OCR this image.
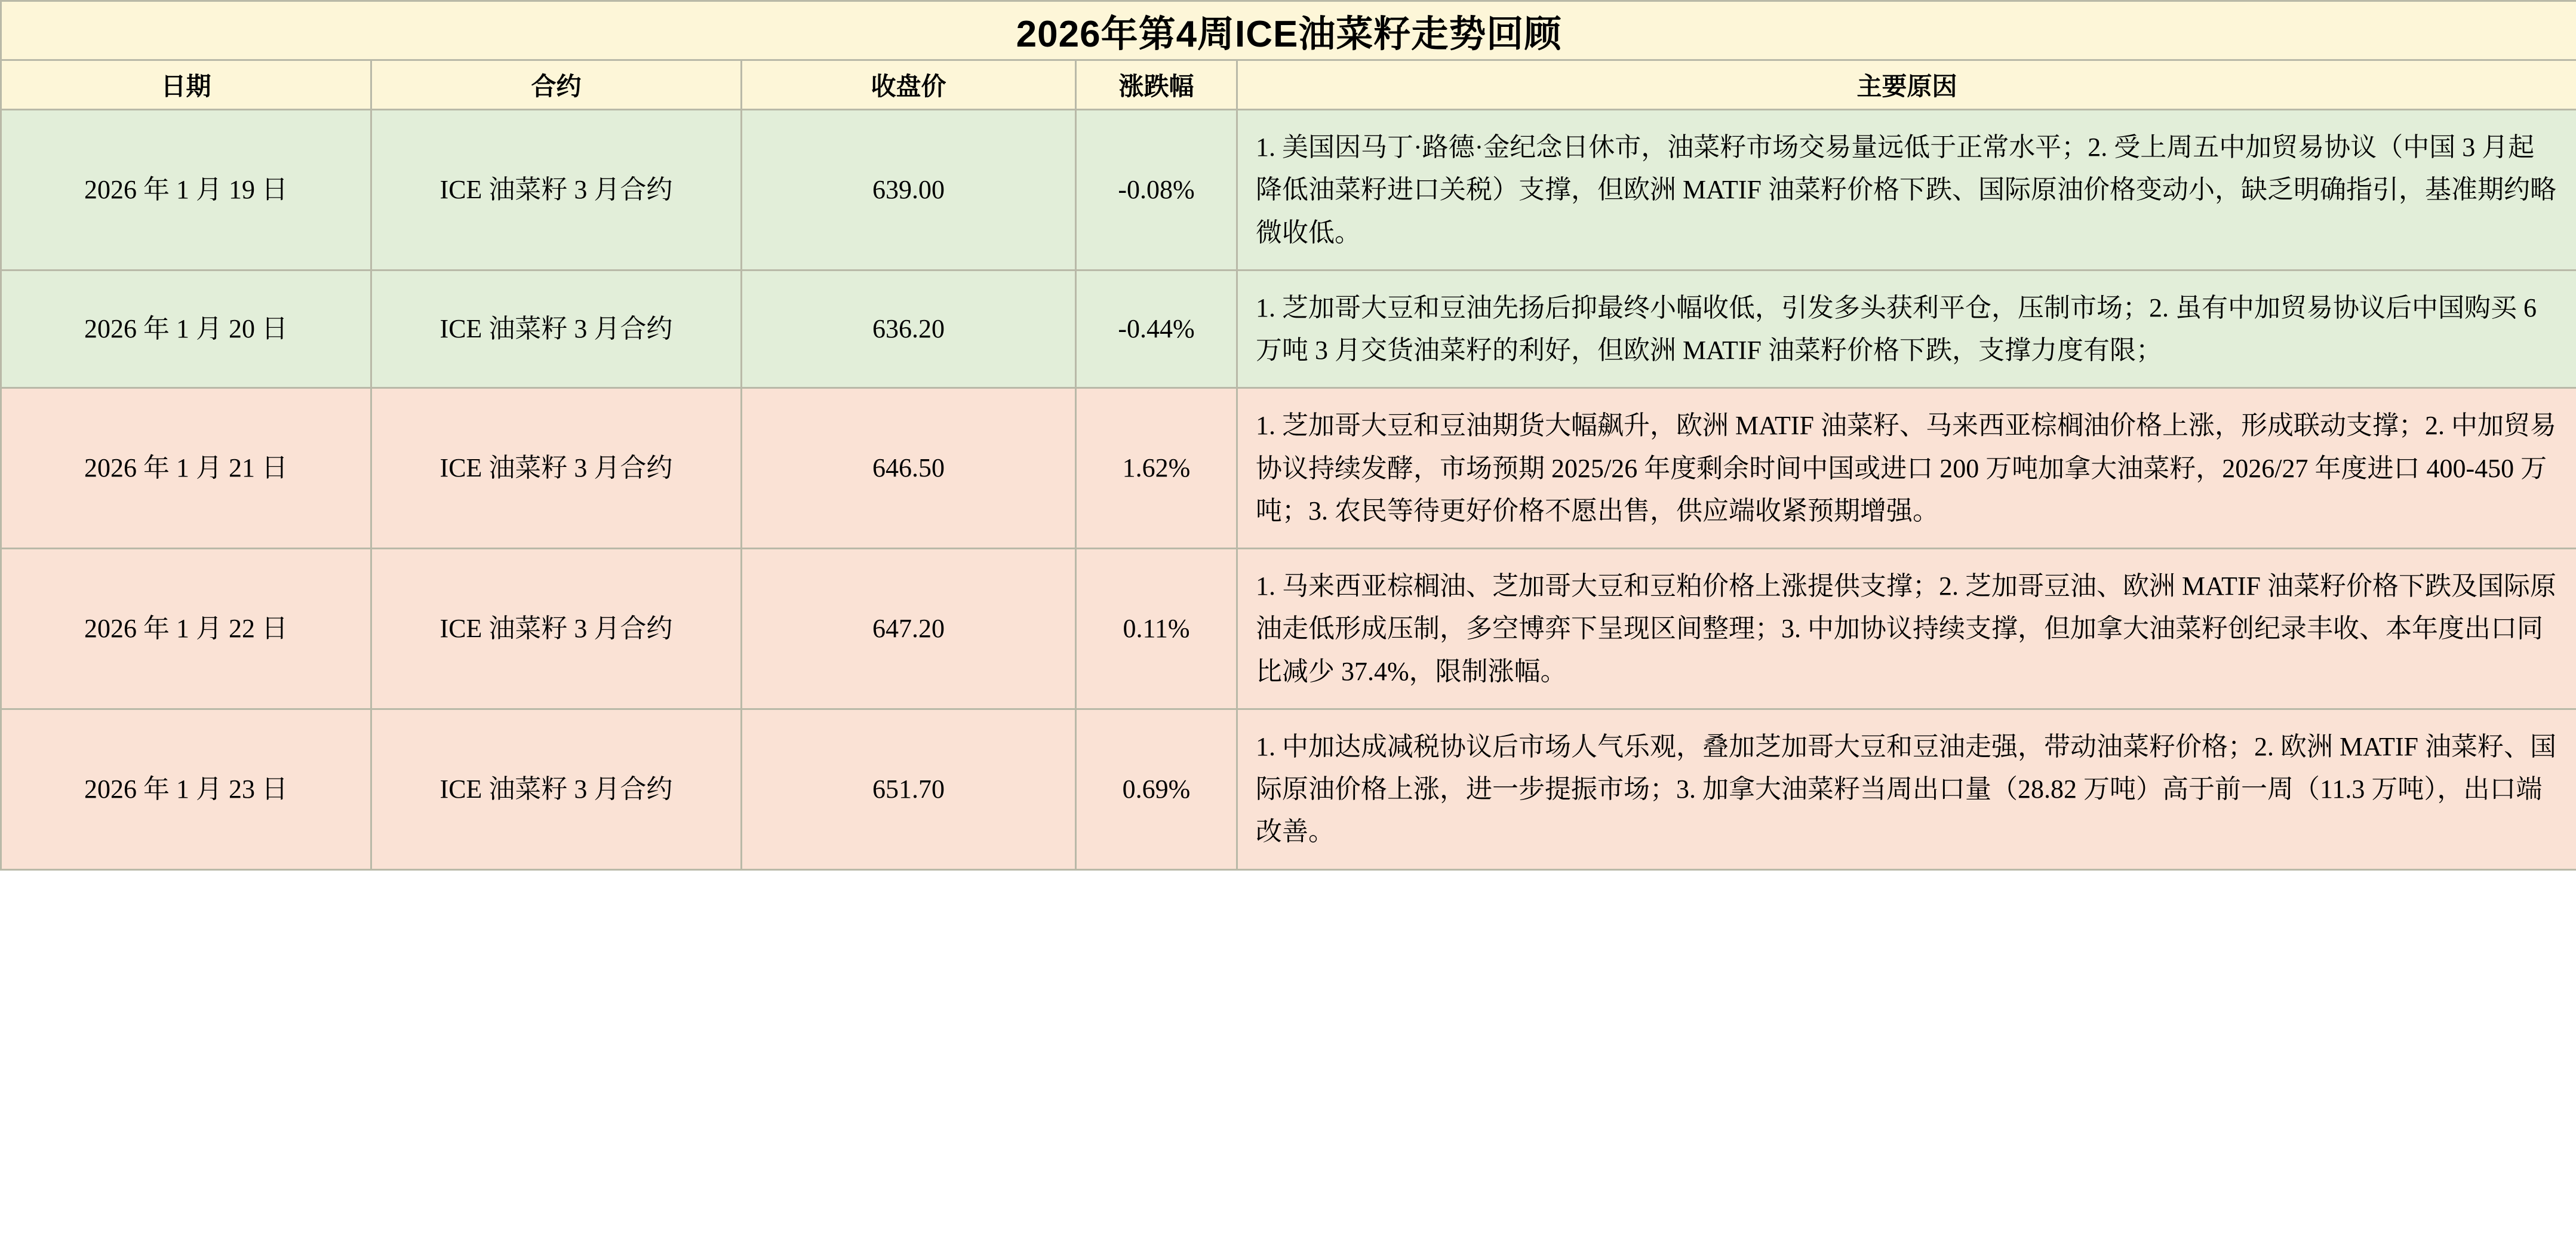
2026年第4周ICE油菜籽走势回顾				
日期	合约	收盘价	涨跌幅	主要原因
2026 年 1 月 19 日	ICE 油菜籽 3 月合约	639.00	-0.08%	1. 美国因马丁·路德·金纪念日休市，油菜籽市场交易量远低于正常水平；2. 受上周五中加贸易协议（中国 3 月起降低油菜籽进口关税）支撑，但欧洲 MATIF 油菜籽价格下跌、国际原油价格变动小，缺乏明确指引，基准期约略微收低。
2026 年 1 月 20 日	ICE 油菜籽 3 月合约	636.20	-0.44%	1. 芝加哥大豆和豆油先扬后抑最终小幅收低，引发多头获利平仓，压制市场；2. 虽有中加贸易协议后中国购买 6 万吨 3 月交货油菜籽的利好，但欧洲 MATIF 油菜籽价格下跌，支撑力度有限；
2026 年 1 月 21 日	ICE 油菜籽 3 月合约	646.50	1.62%	1. 芝加哥大豆和豆油期货大幅飙升，欧洲 MATIF 油菜籽、马来西亚棕榈油价格上涨，形成联动支撑；2. 中加贸易协议持续发酵，市场预期 2025/26 年度剩余时间中国或进口 200 万吨加拿大油菜籽，2026/27 年度进口 400-450 万吨；3. 农民等待更好价格不愿出售，供应端收紧预期增强。
2026 年 1 月 22 日	ICE 油菜籽 3 月合约	647.20	0.11%	1. 马来西亚棕榈油、芝加哥大豆和豆粕价格上涨提供支撑；2. 芝加哥豆油、欧洲 MATIF 油菜籽价格下跌及国际原油走低形成压制，多空博弈下呈现区间整理；3. 中加协议持续支撑，但加拿大油菜籽创纪录丰收、本年度出口同比减少 37.4%，限制涨幅。
2026 年 1 月 23 日	ICE 油菜籽 3 月合约	651.70	0.69%	1. 中加达成减税协议后市场人气乐观，叠加芝加哥大豆和豆油走强，带动油菜籽价格；2. 欧洲 MATIF 油菜籽、国际原油价格上涨，进一步提振市场；3. 加拿大油菜籽当周出口量（28.82 万吨）高于前一周（11.3 万吨），出口端改善。
